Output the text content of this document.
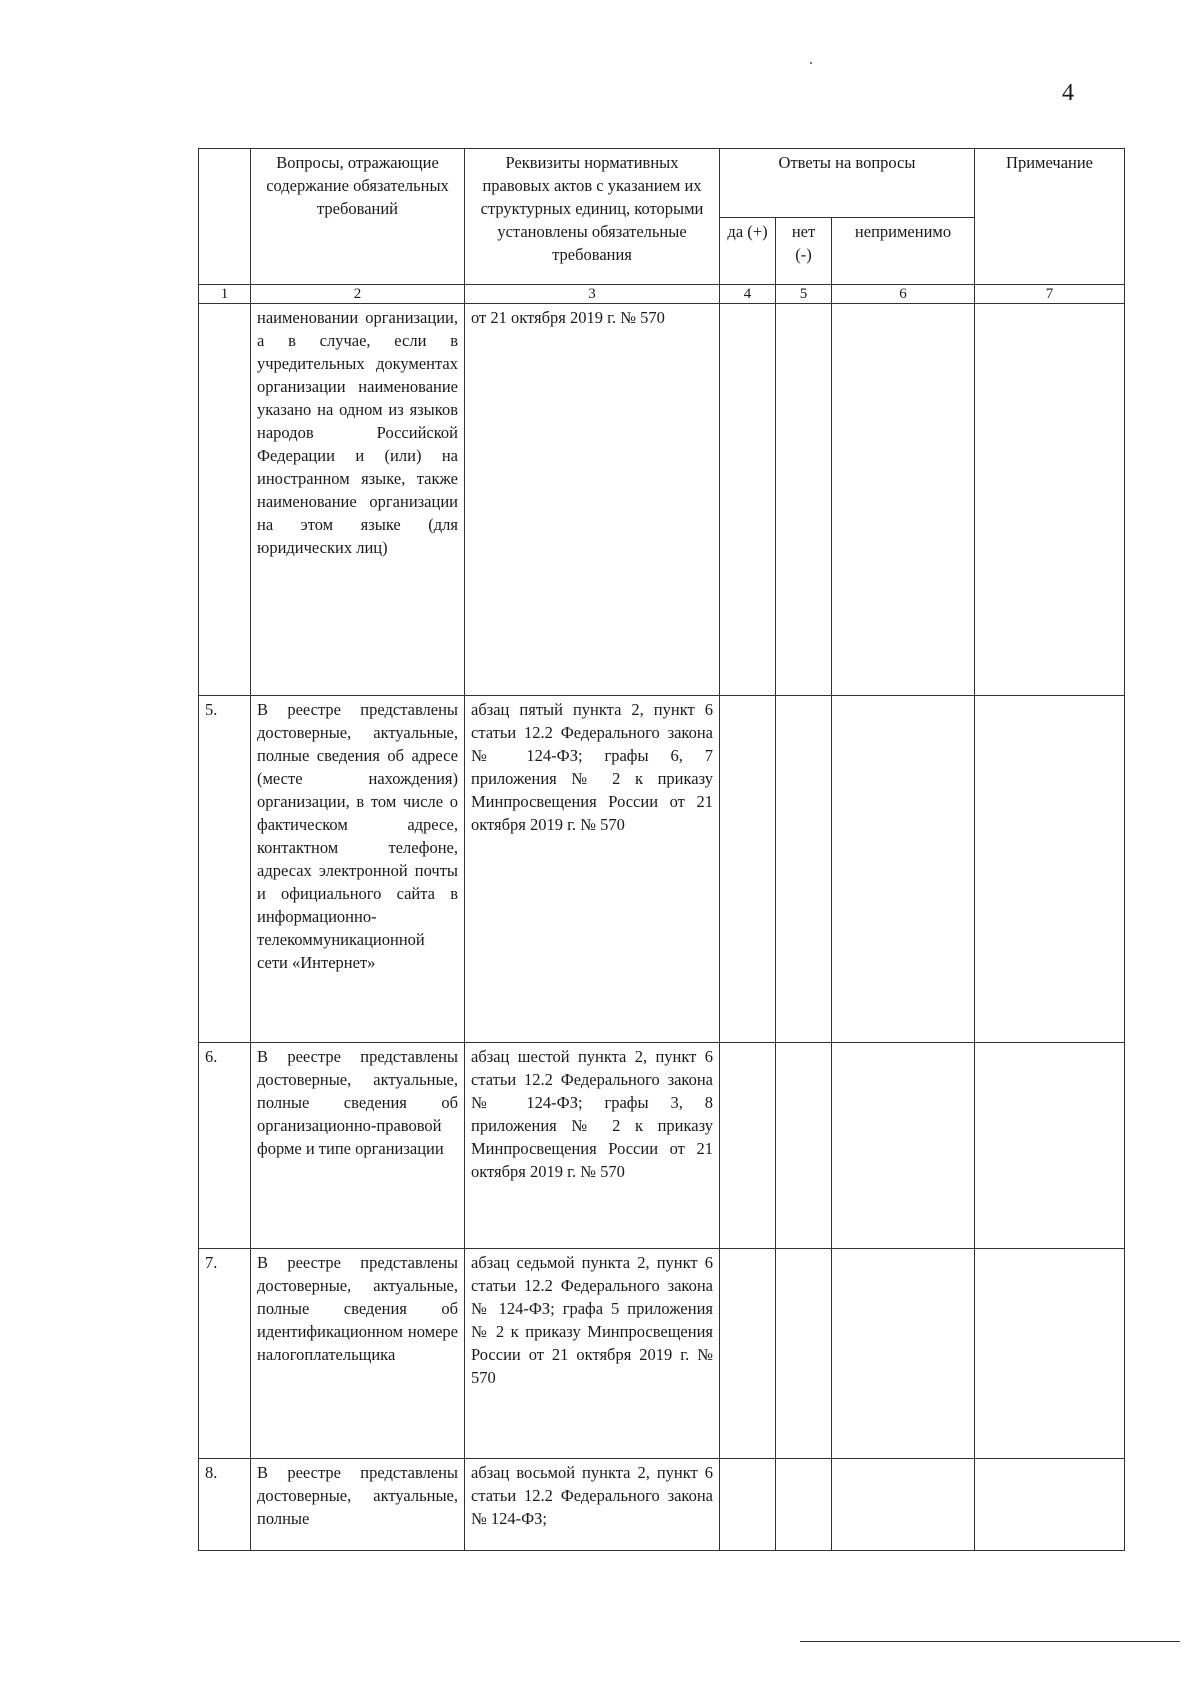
4
	Вопросы, отражающие содержание обязательных требований	Реквизиты нормативных правовых актов с указанием их структурных единиц, которыми установлены обязательные требования	Ответы на вопросы			Примечание
			да (+)	нет (-)	неприменимо	
1	2	3	4	5	6	7
	наименовании организации, а в случае, если в учредительных документах организации наименование указано на одном из языков народов Российской Федерации и (или) на иностранном языке, также наименование организации на этом языке (для юридических лиц)	от 21 октября 2019 г. № 570				
5.	В реестре представлены достоверные, актуальные, полные сведения об адресе (месте нахождения) организации, в том числе о фактическом адресе, контактном телефоне, адресах электронной почты и официального сайта в информационно-телекоммуникационной сети «Интернет»	абзац пятый пункта 2, пункт 6 статьи 12.2 Федерального закона № 124-ФЗ; графы 6, 7 приложения № 2 к приказу Минпросвещения России от 21 октября 2019 г. № 570				
6.	В реестре представлены достоверные, актуальные, полные сведения об организационно-правовой форме и типе организации	абзац шестой пункта 2, пункт 6 статьи 12.2 Федерального закона № 124-ФЗ; графы 3, 8 приложения № 2 к приказу Минпросвещения России от 21 октября 2019 г. № 570				
7.	В реестре представлены достоверные, актуальные, полные сведения об идентификационном номере налогоплательщика	абзац седьмой пункта 2, пункт 6 статьи 12.2 Федерального закона № 124-ФЗ; графа 5 приложения № 2 к приказу Минпросвещения России от 21 октября 2019 г. № 570				
8.	В реестре представлены достоверные, актуальные, полные	абзац восьмой пункта 2, пункт 6 статьи 12.2 Федерального закона № 124-ФЗ;				
